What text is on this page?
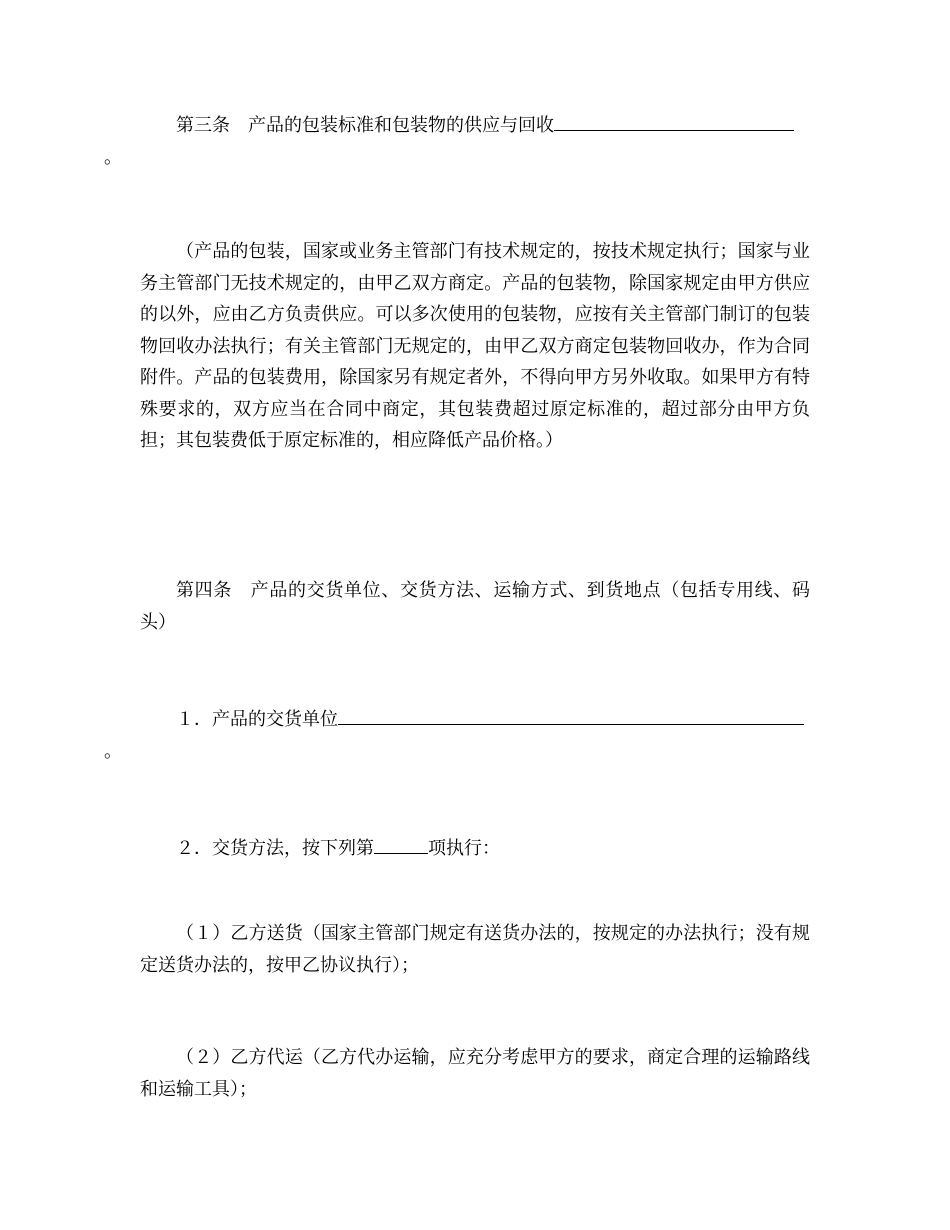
第三条　产品的包装标准和包装物的供应与回收
。
（产品的包装，国家或业务主管部门有技术规定的，按技术规定执行；国家与业务主管部门无技术规定的，由甲乙双方商定。产品的包装物，除国家规定由甲方供应的以外，应由乙方负责供应。可以多次使用的包装物，应按有关主管部门制订的包装物回收办法执行；有关主管部门无规定的，由甲乙双方商定包装物回收办，作为合同附件。产品的包装费用，除国家另有规定者外，不得向甲方另外收取。如果甲方有特殊要求的，双方应当在合同中商定，其包装费超过原定标准的，超过部分由甲方负担；其包装费低于原定标准的，相应降低产品价格。）
第四条　产品的交货单位、交货方法、运输方式、到货地点（包括专用线、码头）
１．产品的交货单位
。
２．交货方法，按下列第	项执行：
（１）乙方送货（国家主管部门规定有送货办法的，按规定的办法执行；没有规定送货办法的，按甲乙协议执行）；
（２）乙方代运（乙方代办运输，应充分考虑甲方的要求，商定合理的运输路线和运输工具）；
